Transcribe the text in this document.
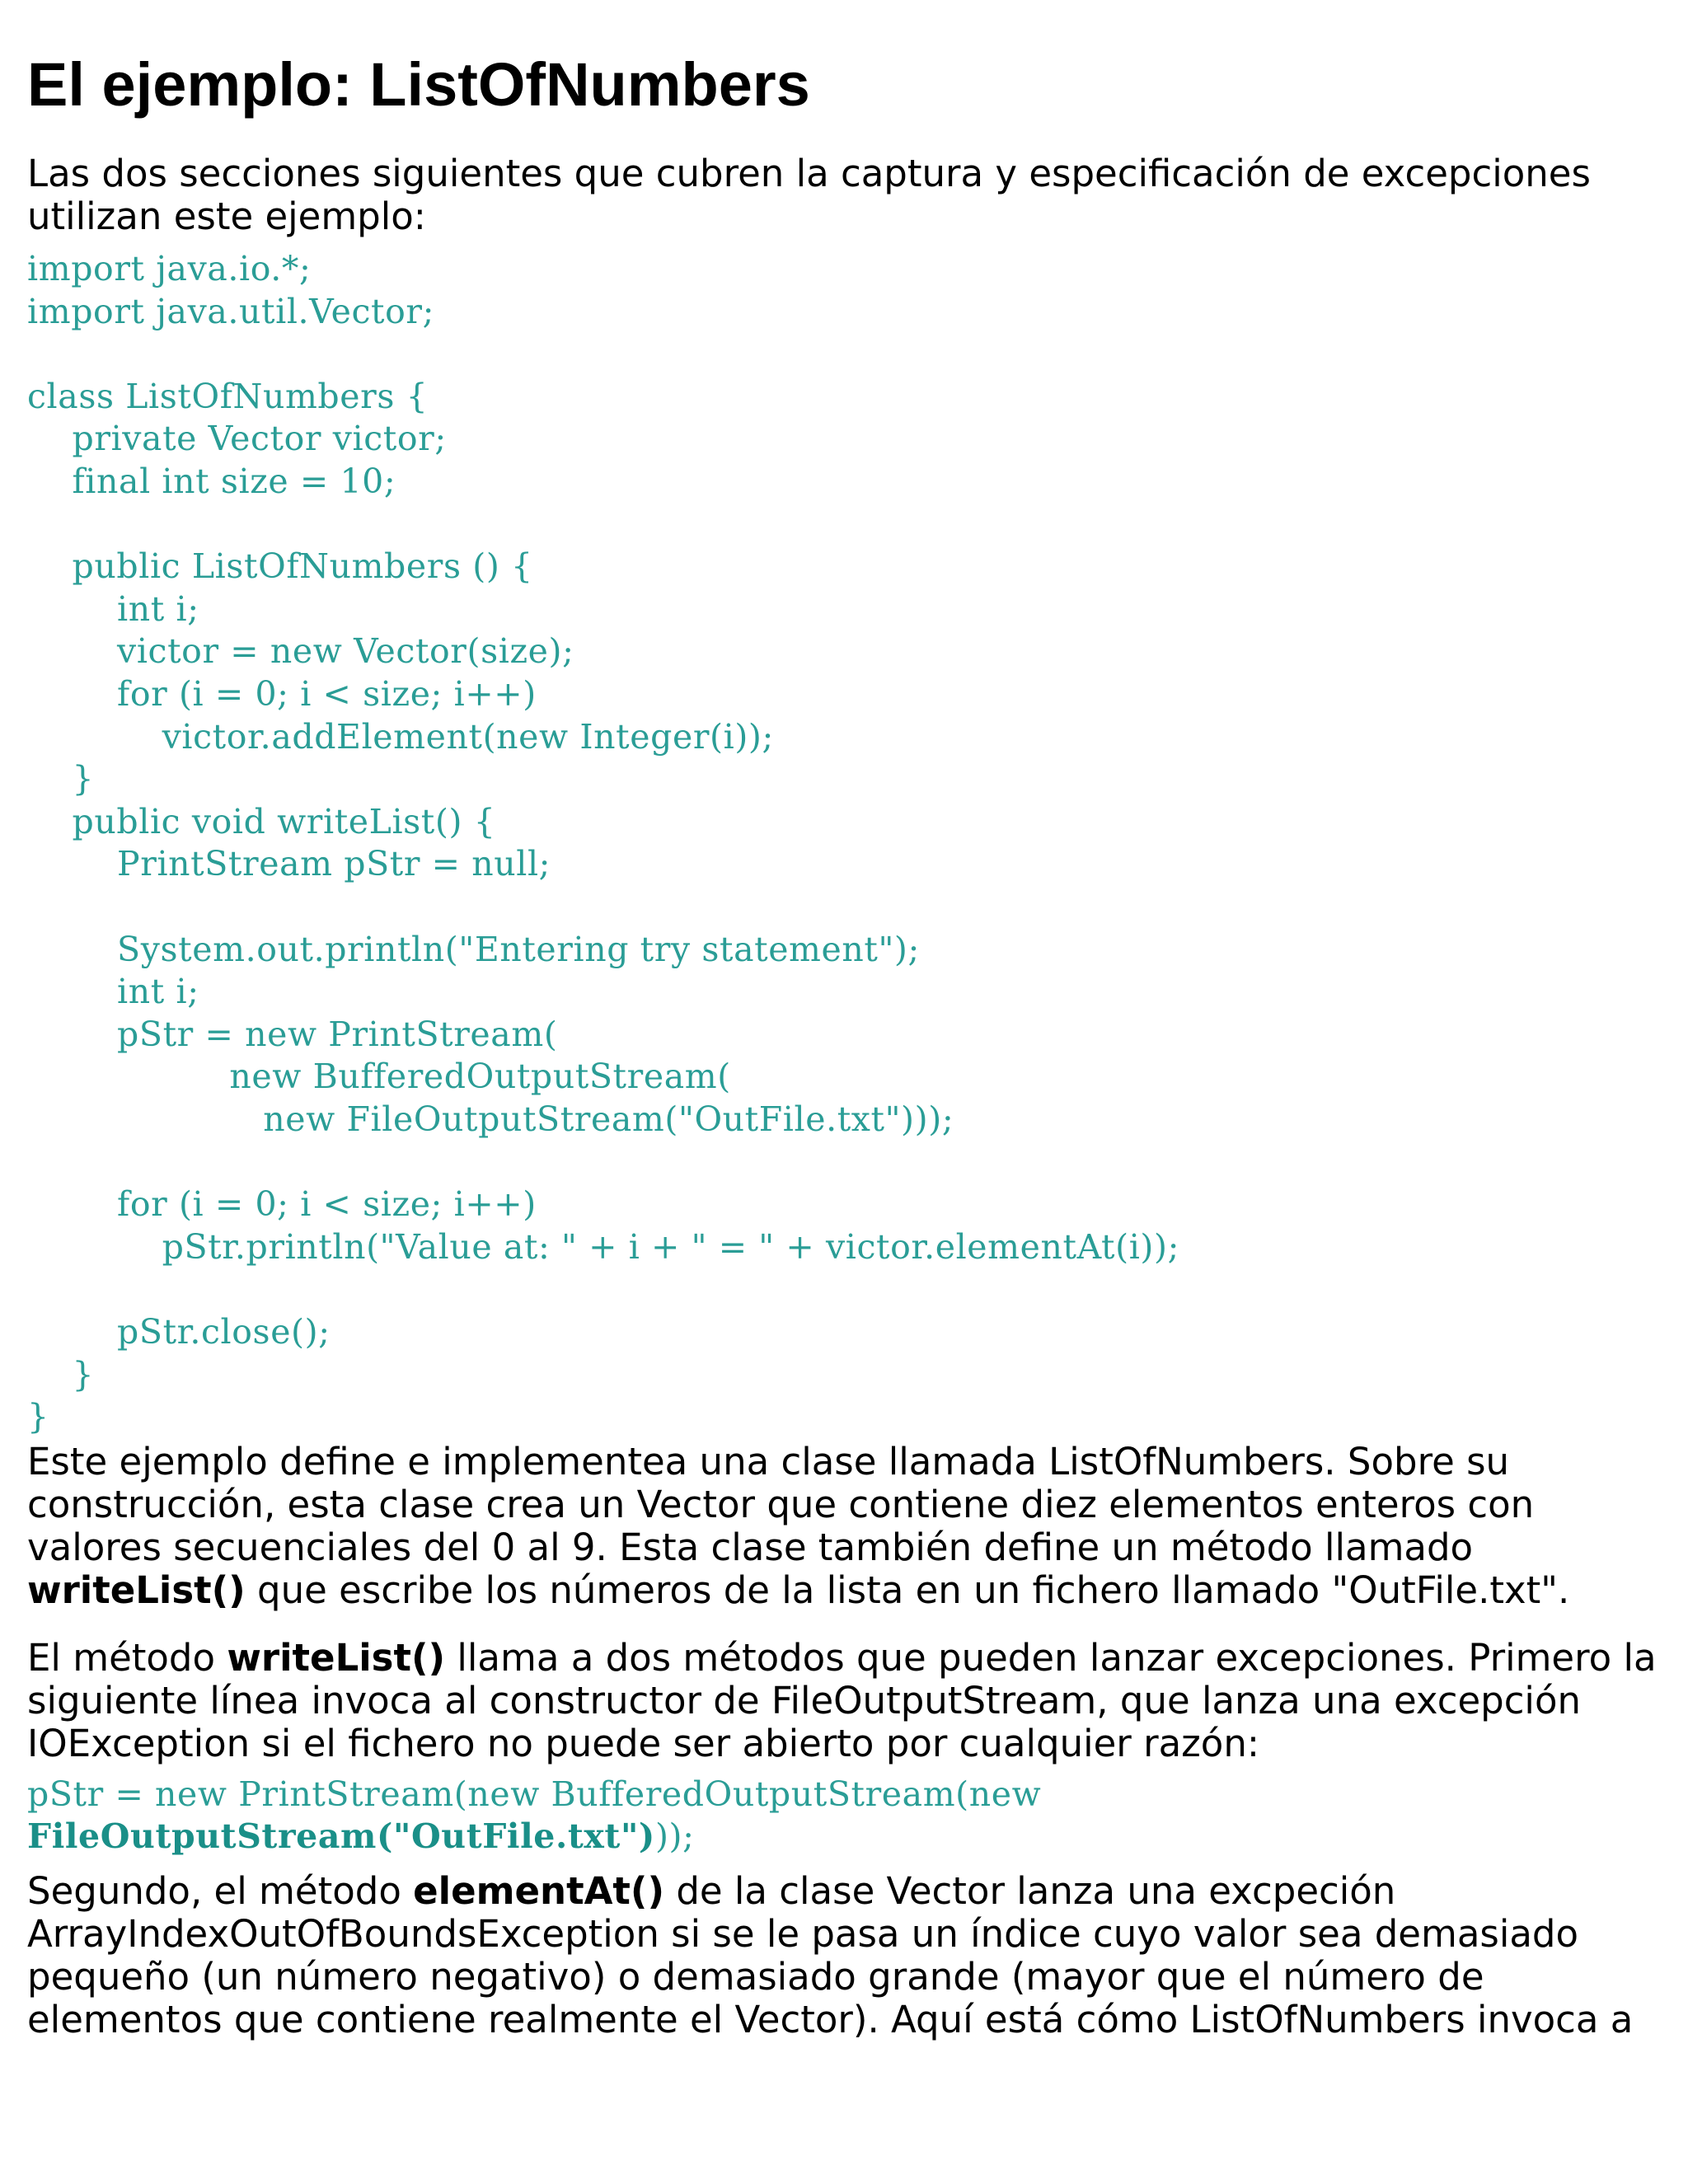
El ejemplo: ListOfNumbers

Las dos secciones siguientes que cubren la captura y especificación de excepciones utilizan este ejemplo:

import java.io.*;
import java.util.Vector;

class ListOfNumbers {
private Vector victor;
final int size = 10;

public ListOfNumbers () {
int i;
victor = new Vector(size);
for (i = 0; i < size; i++)
victor.addElement(new Integer(i));
}
public void writeList() {
PrintStream pStr = null;

System.out.println("Entering try statement");
int i;
pStr = new PrintStream(
new BufferedOutputStream(
new FileOutputStream("OutFile.txt")));

for (i = 0; i < size; i++)
pStr.println("Value at: " + i + " = " + victor.elementAt(i));

pStr.close();
}
}

Este ejemplo define e implementea una clase llamada ListOfNumbers. Sobre su construcción, esta clase crea un Vector que contiene diez elementos enteros con valores secuenciales del 0 al 9. Esta clase también define un método llamado writeList() que escribe los números de la lista en un fichero llamado "OutFile.txt".

El método writeList() llama a dos métodos que pueden lanzar excepciones. Primero la siguiente línea invoca al constructor de FileOutputStream, que lanza una excepción IOException si el fichero no puede ser abierto por cualquier razón:

pStr = new PrintStream(new BufferedOutputStream(new
FileOutputStream("OutFile.txt")));

Segundo, el método elementAt() de la clase Vector lanza una excpeción ArrayIndexOutOfBoundsException si se le pasa un índice cuyo valor sea demasiado pequeño (un número negativo) o demasiado grande (mayor que el número de elementos que contiene realmente el Vector). Aquí está cómo ListOfNumbers invoca a
